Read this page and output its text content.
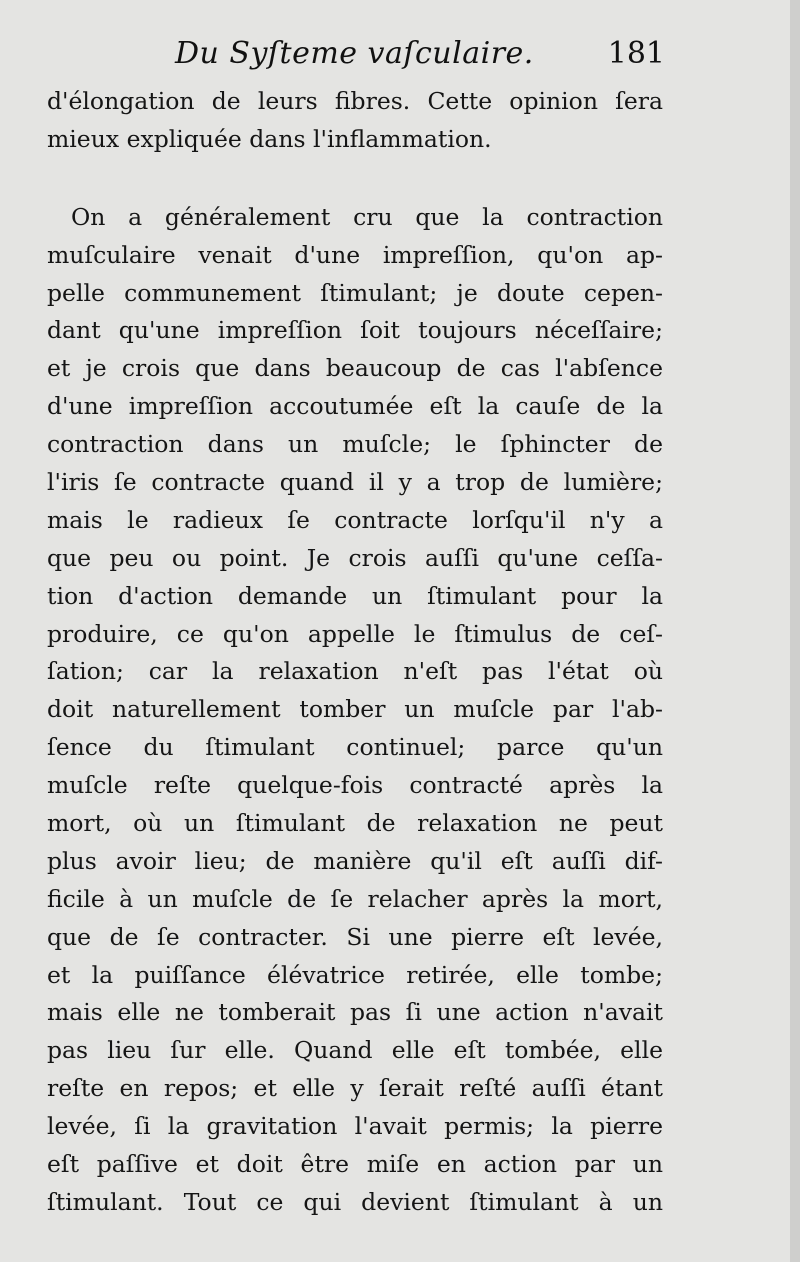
Du Syſteme vaſculaire. 181
d'élongation de leurs fibres. Cette opinion ſera
mieux expliquée dans l'inflammation.
On a généralement cru que la contraction
muſculaire venait d'une impreſſion, qu'on ap-
pelle communement ſtimulant; je doute cepen-
dant qu'une impreſſion ſoit toujours néceſſaire;
et je crois que dans beaucoup de cas l'abſence
d'une impreſſion accoutumée eſt la cauſe de la
contraction dans un muſcle; le ſphincter de
l'iris ſe contracte quand il y a trop de lumière;
mais le radieux ſe contracte lorſqu'il n'y a
que peu ou point. Je crois auſſi qu'une ceſſa-
tion d'action demande un ſtimulant pour la
produire, ce qu'on appelle le ſtimulus de ceſ-
ſation; car la relaxation n'eſt pas l'état où
doit naturellement tomber un muſcle par l'ab-
ſence du ſtimulant continuel; parce qu'un
muſcle reſte quelque-fois contracté après la
mort, où un ſtimulant de relaxation ne peut
plus avoir lieu; de manière qu'il eſt auſſi dif-
ficile à un muſcle de ſe relacher après la mort,
que de ſe contracter. Si une pierre eſt levée,
et la puiſſance élévatrice retirée, elle tombe;
mais elle ne tomberait pas ſi une action n'avait
pas lieu ſur elle. Quand elle eſt tombée, elle
reſte en repos; et elle y ſerait reſté auſſi étant
levée, ſi la gravitation l'avait permis; la pierre
eſt paſſive et doit être miſe en action par un
ſtimulant. Tout ce qui devient ſtimulant à un
